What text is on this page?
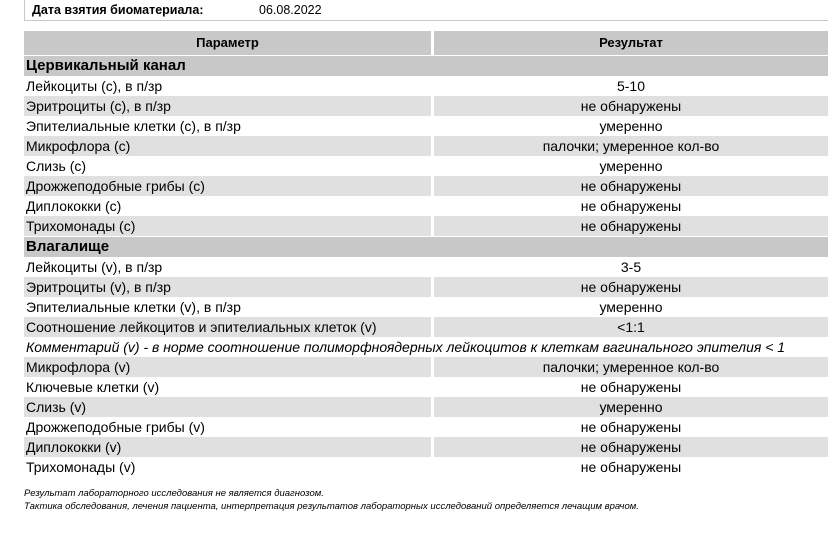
Дата взятия биоматериала:	06.08.2022
Параметр	Результат
Цервикальный канал
Лейкоциты (с), в п/зр	5-10
Эритроциты (с), в п/зр	не обнаружены
Эпителиальные клетки (с), в п/зр	умеренно
Микрофлора (с)	палочки; умеренное кол-во
Слизь (с)	умеренно
Дрожжеподобные грибы (с)	не обнаружены
Диплококки (с)	не обнаружены
Трихомонады (с)	не обнаружены
Влагалище
Лейкоциты (v), в п/зр	3-5
Эритроциты (v), в п/зр	не обнаружены
Эпителиальные клетки (v), в п/зр	умеренно
Соотношение лейкоцитов и эпителиальных клеток (v)	<1:1
Комментарий (v) - в норме соотношение полиморфноядерных лейкоцитов к клеткам вагинального эпителия < 1
Микрофлора (v)	палочки; умеренное кол-во
Ключевые клетки (v)	не обнаружены
Слизь (v)	умеренно
Дрожжеподобные грибы (v)	не обнаружены
Диплококки (v)	не обнаружены
Трихомонады (v)	не обнаружены
Результат лабораторного исследования не является диагнозом.
Тактика обследования, лечения пациента, интерпретация результатов лабораторных исследований определяется лечащим врачом.
